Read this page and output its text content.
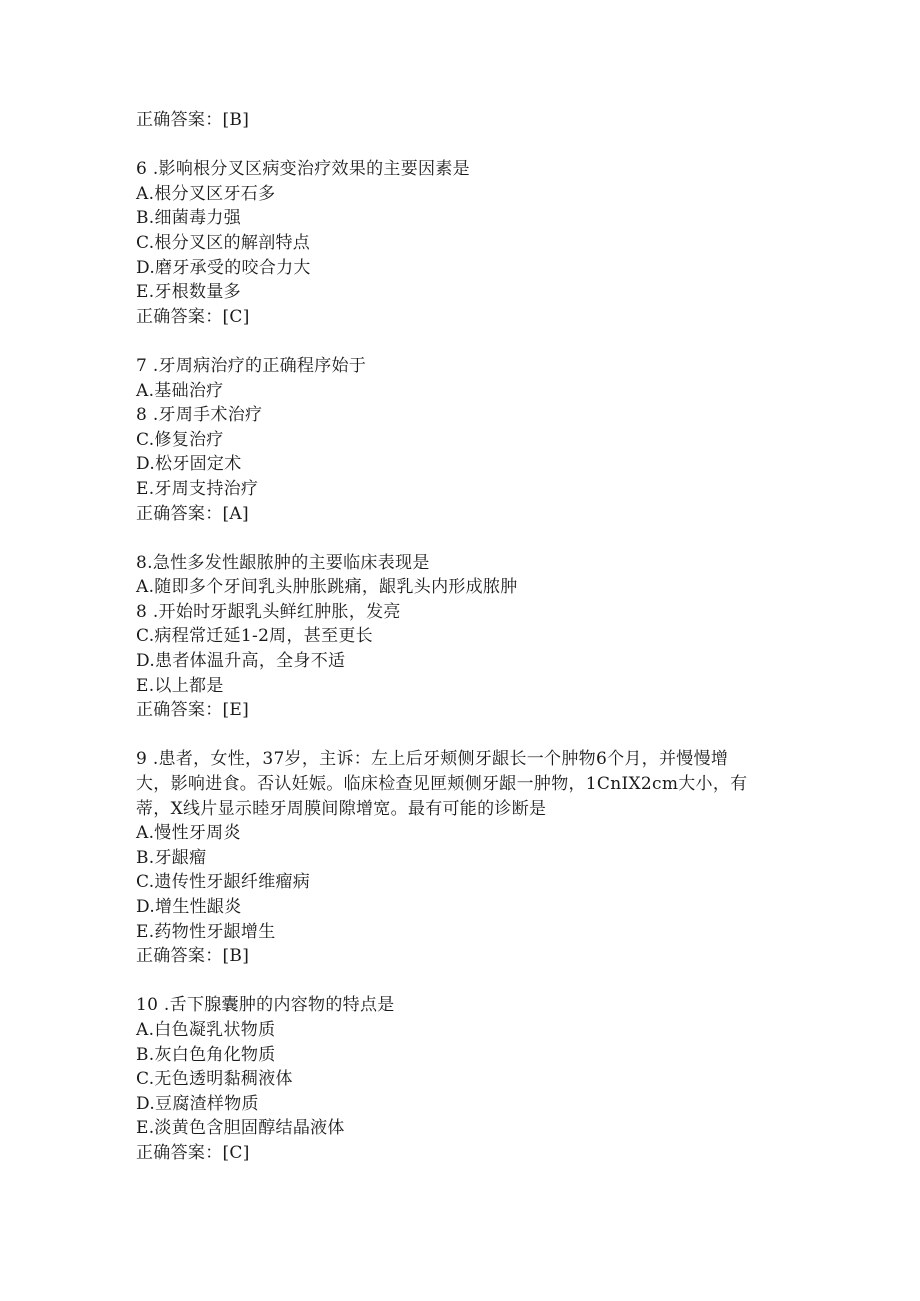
正确答案：[B]
6 .影响根分叉区病变治疗效果的主要因素是
A.根分叉区牙石多
B.细菌毒力强
C.根分叉区的解剖特点
D.磨牙承受的咬合力大
E.牙根数量多
正确答案：[C]
7 .牙周病治疗的正确程序始于
A.基础治疗
8 .牙周手术治疗
C.修复治疗
D.松牙固定术
E.牙周支持治疗
正确答案：[A]
8.急性多发性龈脓肿的主要临床表现是
A.随即多个牙间乳头肿胀跳痛，龈乳头内形成脓肿
8 .开始时牙龈乳头鲜红肿胀，发亮
C.病程常迁延1-2周，甚至更长
D.患者体温升高，全身不适
E.以上都是
正确答案：[E]
9 .患者，女性，37岁，主诉：左上后牙颊侧牙龈长一个肿物6个月，并慢慢增
大，影响进食。否认妊娠。临床检查见匣颊侧牙龈一肿物，1CnIX2cm大小，有
蒂，X线片显示睦牙周膜间隙增宽。最有可能的诊断是
A.慢性牙周炎
B.牙龈瘤
C.遗传性牙龈纤维瘤病
D.增生性龈炎
E.药物性牙龈增生
正确答案：[B]
10 .舌下腺囊肿的内容物的特点是
A.白色凝乳状物质
B.灰白色角化物质
C.无色透明黏稠液体
D.豆腐渣样物质
E.淡黄色含胆固醇结晶液体
正确答案：[C]
